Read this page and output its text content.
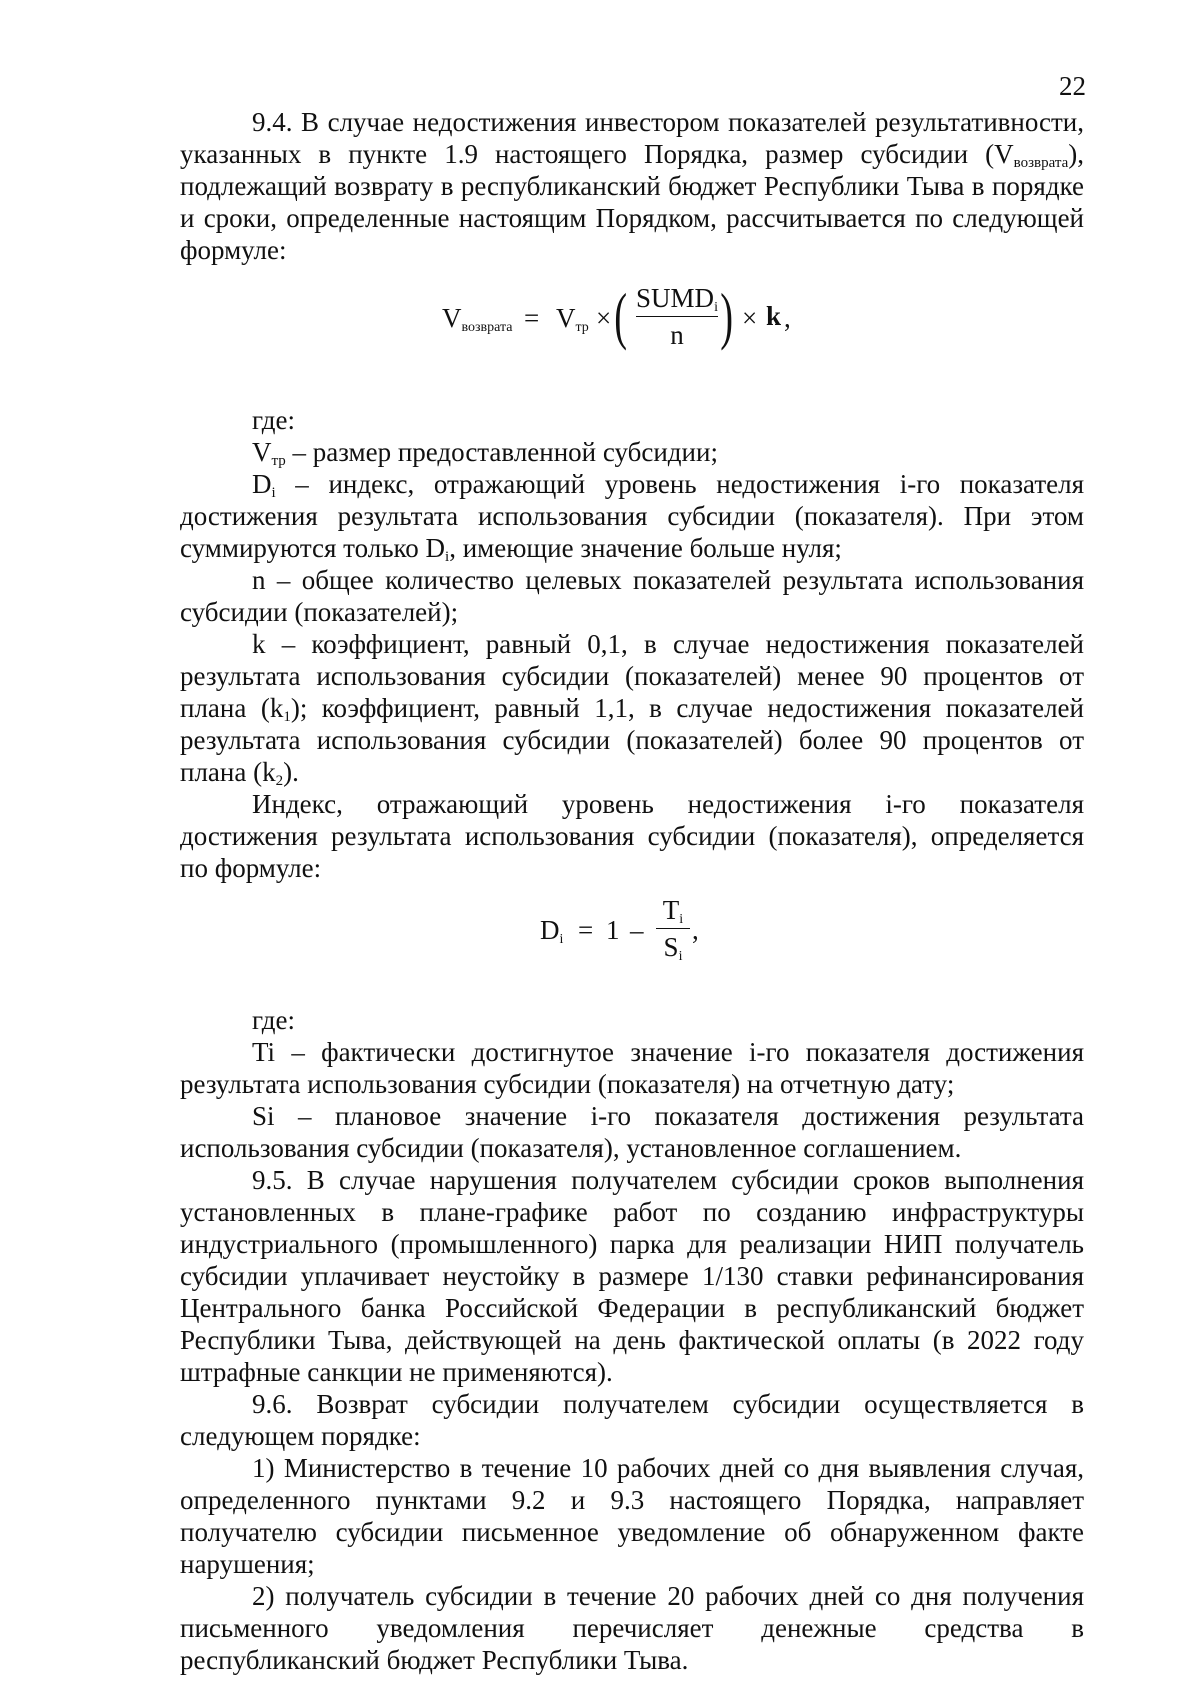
22

9.4. В случае недостижения инвестором показателей результативности, указанных в пункте 1.9 настоящего Порядка, размер субсидии $(V_{возврата})$, подлежащий возврату в республиканский бюджет Республики Тыва в порядке и сроки, определенные настоящим Порядком, рассчитывается по следующей формуле:

$V_{возврата} = V_{тр}$ × ( $SUMD_i$
n ) × k ,

где:

$V_{тр}$ – размер предоставленной субсидии;

$D_i$ – индекс, отражающий уровень недостижения i-го показателя достижения результата использования субсидии (показателя). При этом суммируются только $D_i$, имеющие значение больше нуля;

n – общее количество целевых показателей результата использования субсидии (показателей);

k – коэффициент, равный 0,1, в случае недостижения показателей результата использования субсидии (показателей) менее 90 процентов от плана $(k_1)$; коэффициент, равный 1,1, в случае недостижения показателей результата использования субсидии (показателей) более 90 процентов от плана $(k_2)$.

Индекс, отражающий уровень недостижения i-го показателя достижения результата использования субсидии (показателя), определяется по формуле:

$D_i = 1$ –
$T_i$
$S_i$
,

где:

Ti – фактически достигнутое значение i-го показателя достижения результата использования субсидии (показателя) на отчетную дату;

Si – плановое значение i-го показателя достижения результата использования субсидии (показателя), установленное соглашением.

9.5. В случае нарушения получателем субсидии сроков выполнения установленных в плане-графике работ по созданию инфраструктуры индустриального (промышленного) парка для реализации НИП получатель субсидии уплачивает неустойку в размере 1/130 ставки рефинансирования Центрального банка Российской Федерации в республиканский бюджет Республики Тыва, действующей на день фактической оплаты (в 2022 году штрафные санкции не применяются).

9.6. Возврат субсидии получателем субсидии осуществляется в следующем порядке:

1) Министерство в течение 10 рабочих дней со дня выявления случая, определенного пунктами 9.2 и 9.3 настоящего Порядка, направляет получателю субсидии письменное уведомление об обнаруженном факте нарушения;

2) получатель субсидии в течение 20 рабочих дней со дня получения письменного уведомления перечисляет денежные средства в республиканский бюджет Республики Тыва.
